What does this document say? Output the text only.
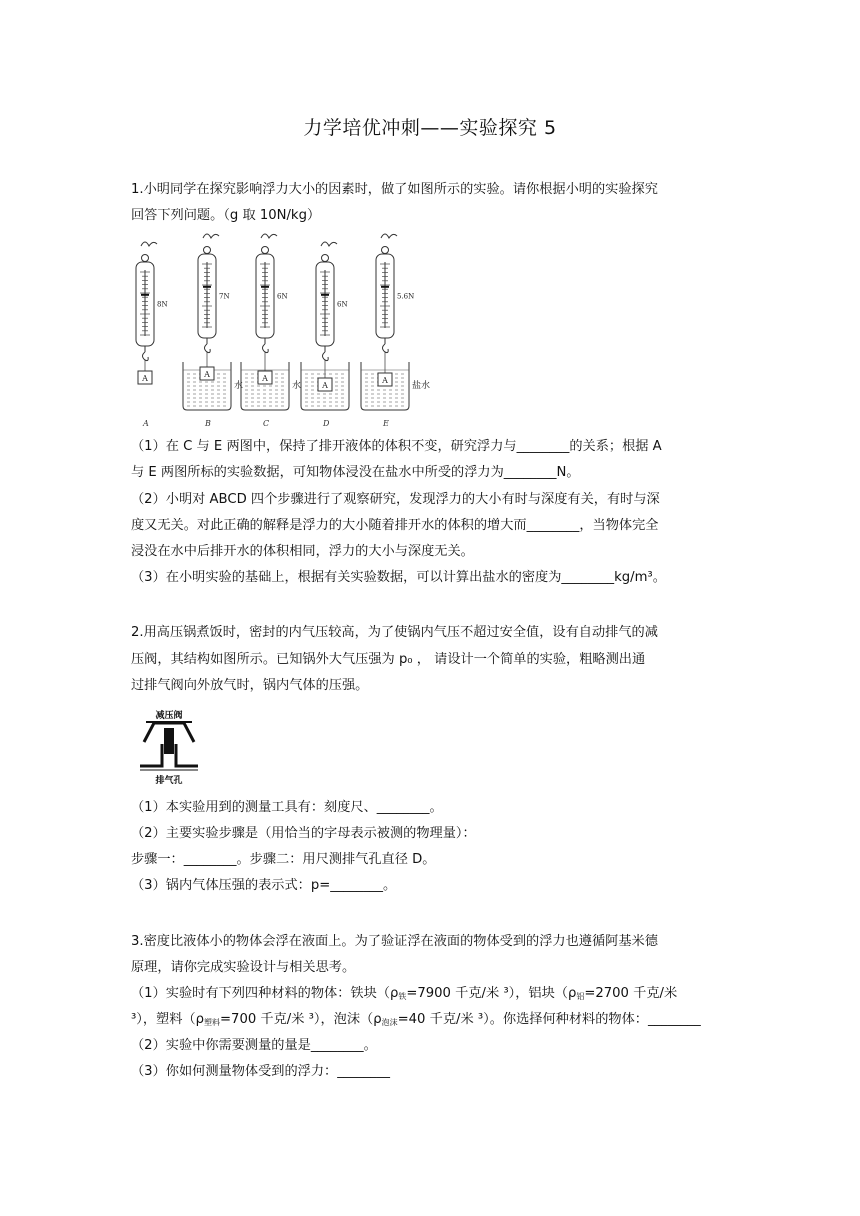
力学培优冲刺——实验探究 5
1.小明同学在探究影响浮力大小的因素时，做了如图所示的实验。请你根据小明的实验探究
回答下列问题。（g 取 10N/kg）
8N
A
A
7N
水
A
B
6N
水
A
C
6N
A
D
5.6N
盐水
A
E
（1）在 C 与 E 两图中，保持了排开液体的体积不变，研究浮力与________的关系；根据 A
与 E 两图所标的实验数据，可知物体浸没在盐水中所受的浮力为________N。
（2）小明对 ABCD 四个步骤进行了观察研究，发现浮力的大小有时与深度有关，有时与深
度又无关。对此正确的解释是浮力的大小随着排开水的体积的增大而________，当物体完全
浸没在水中后排开水的体积相同，浮力的大小与深度无关。
（3）在小明实验的基础上，根据有关实验数据，可以计算出盐水的密度为________kg/m³。
2.用高压锅煮饭时，密封的内气压较高，为了使锅内气压不超过安全值，设有自动排气的减
压阀，其结构如图所示。已知锅外大气压强为 p₀ ， 请设计一个简单的实验，粗略测出通
过排气阀向外放气时，锅内气体的压强。
减压阀
排气孔
（1）本实验用到的测量工具有：刻度尺、________。
（2）主要实验步骤是（用恰当的字母表示被测的物理量）：
步骤一：________。步骤二：用尺测排气孔直径 D。
（3）锅内气体压强的表示式：p=________。
3.密度比液体小的物体会浮在液面上。为了验证浮在液面的物体受到的浮力也遵循阿基米德
原理，请你完成实验设计与相关思考。
（1）实验时有下列四种材料的物体：铁块（$\rho_铁=7900$ 千克/米 ³），铝块（$\rho_铝=2700$ 千克/米
³），塑料（$\rho_{塑料}=700$ 千克/米 ³），泡沫（$\rho_{泡沫}=40$ 千克/米 ³）。你选择何种材料的物体：________
（2）实验中你需要测量的量是________。
（3）你如何测量物体受到的浮力：________
